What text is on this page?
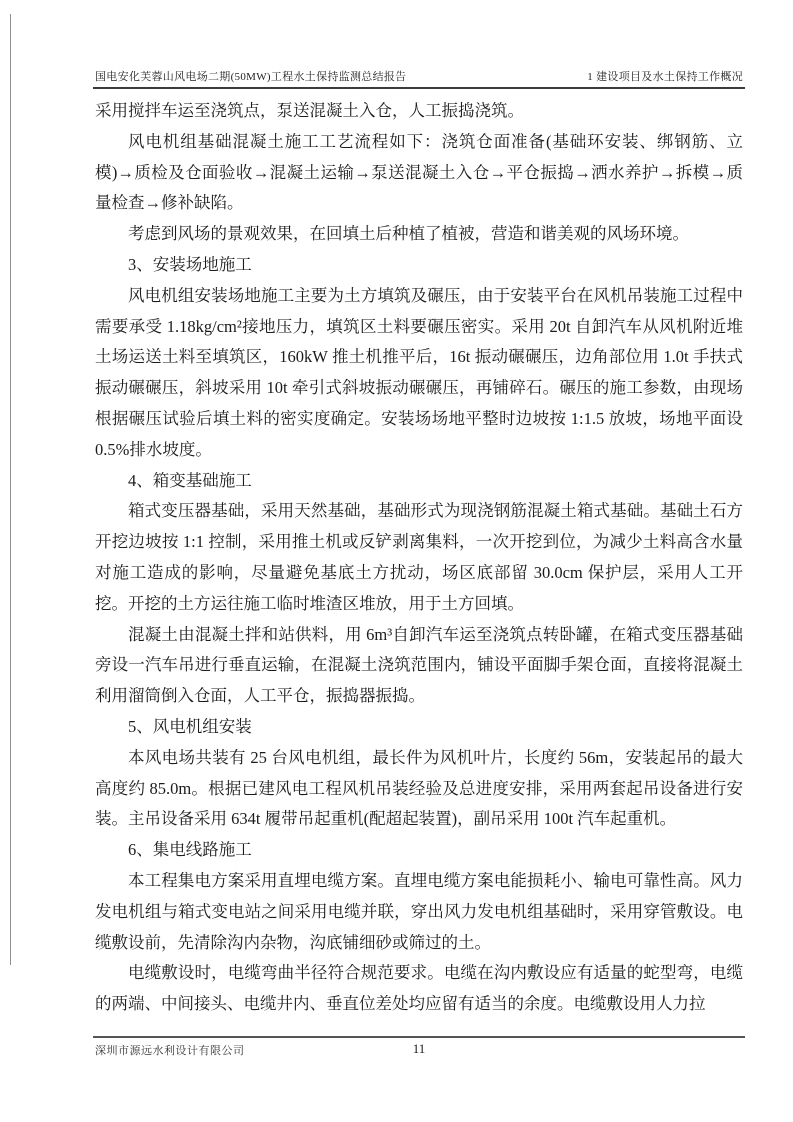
国电安化芙蓉山风电场二期(50MW)工程水土保持监测总结报告	1 建设项目及水土保持工作概况

采用搅拌车运至浇筑点，泵送混凝土入仓，人工振捣浇筑。

风电机组基础混凝土施工工艺流程如下：浇筑仓面准备(基础环安装、绑钢筋、立模)→质检及仓面验收→混凝土运输→泵送混凝土入仓→平仓振捣→洒水养护→拆模→质量检查→修补缺陷。

考虑到风场的景观效果，在回填土后种植了植被，营造和谐美观的风场环境。

3、安装场地施工

风电机组安装场地施工主要为土方填筑及碾压，由于安装平台在风机吊装施工过程中需要承受 1.18kg/cm²接地压力，填筑区土料要碾压密实。采用 20t 自卸汽车从风机附近堆土场运送土料至填筑区，160kW 推土机推平后，16t 振动碾碾压，边角部位用 1.0t 手扶式振动碾碾压，斜坡采用 10t 牵引式斜坡振动碾碾压，再铺碎石。碾压的施工参数，由现场根据碾压试验后填土料的密实度确定。安装场场地平整时边坡按 1:1.5 放坡，场地平面设 0.5%排水坡度。

4、箱变基础施工

箱式变压器基础，采用天然基础，基础形式为现浇钢筋混凝土箱式基础。基础土石方开挖边坡按 1:1 控制，采用推土机或反铲剥离集料，一次开挖到位，为减少土料高含水量对施工造成的影响，尽量避免基底土方扰动，场区底部留 30.0cm 保护层，采用人工开挖。开挖的土方运往施工临时堆渣区堆放，用于土方回填。

混凝土由混凝土拌和站供料，用 6m³自卸汽车运至浇筑点转卧罐，在箱式变压器基础旁设一汽车吊进行垂直运输，在混凝土浇筑范围内，铺设平面脚手架仓面，直接将混凝土利用溜筒倒入仓面，人工平仓，振捣器振捣。

5、风电机组安装

本风电场共装有 25 台风电机组，最长件为风机叶片，长度约 56m，安装起吊的最大高度约 85.0m。根据已建风电工程风机吊装经验及总进度安排，采用两套起吊设备进行安装。主吊设备采用 634t 履带吊起重机(配超起装置)，副吊采用 100t 汽车起重机。

6、集电线路施工

本工程集电方案采用直埋电缆方案。直埋电缆方案电能损耗小、输电可靠性高。风力发电机组与箱式变电站之间采用电缆并联，穿出风力发电机组基础时，采用穿管敷设。电缆敷设前，先清除沟内杂物，沟底铺细砂或筛过的土。

电缆敷设时，电缆弯曲半径符合规范要求。电缆在沟内敷设应有适量的蛇型弯，电缆的两端、中间接头、电缆井内、垂直位差处均应留有适当的余度。电缆敷设用人力拉

深圳市源远水利设计有限公司	11
